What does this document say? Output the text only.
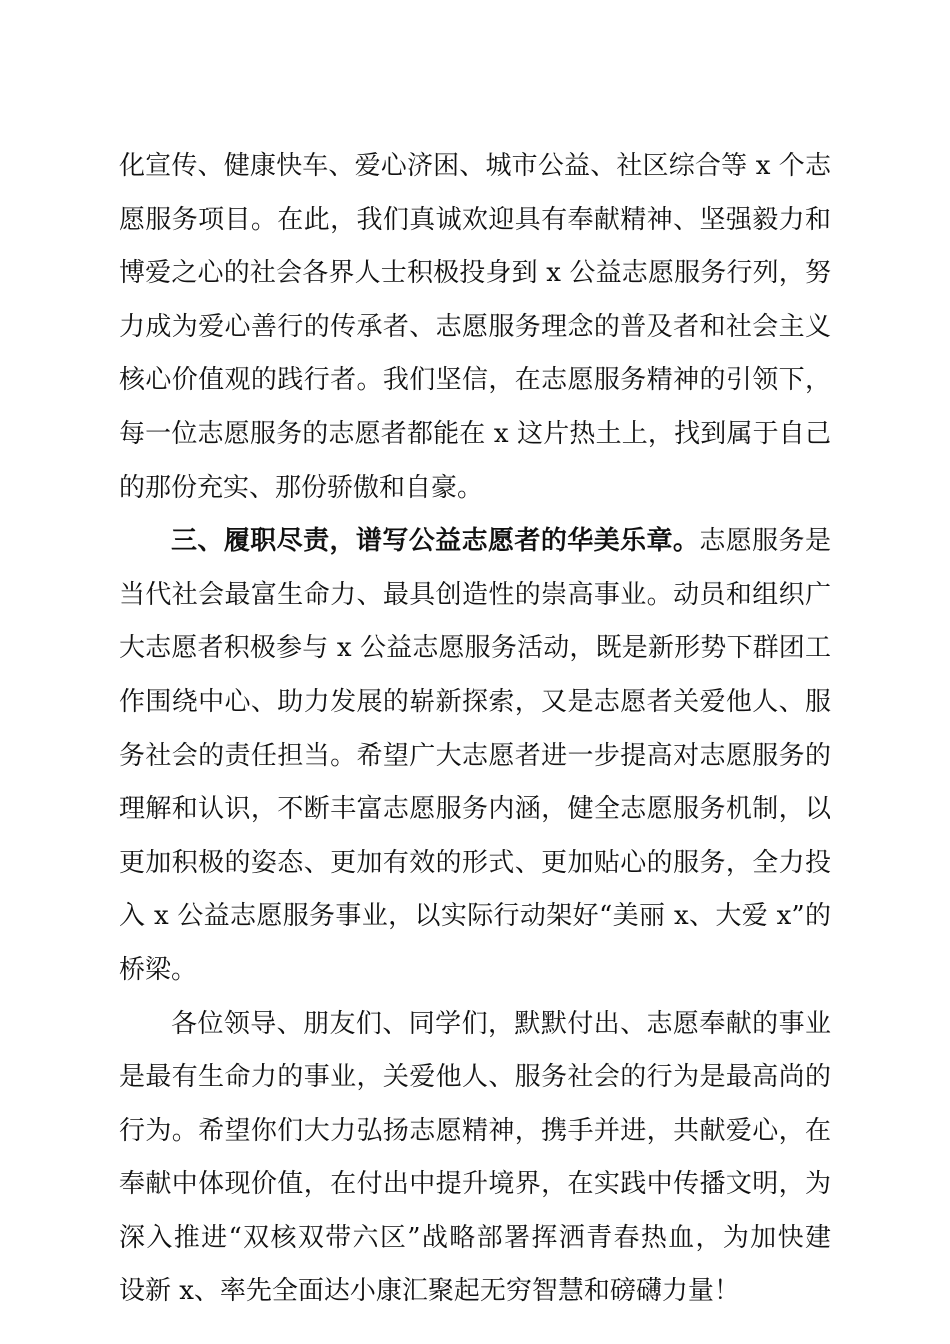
化宣传、健康快车、爱心济困、城市公益、社区综合等 x 个志
愿服务项目。在此，我们真诚欢迎具有奉献精神、坚强毅力和
博爱之心的社会各界人士积极投身到 x 公益志愿服务行列，努
力成为爱心善行的传承者、志愿服务理念的普及者和社会主义
核心价值观的践行者。我们坚信，在志愿服务精神的引领下，
每一位志愿服务的志愿者都能在 x 这片热土上，找到属于自己
的那份充实、那份骄傲和自豪。
三、履职尽责，谱写公益志愿者的华美乐章。志愿服务是
当代社会最富生命力、最具创造性的崇高事业。动员和组织广
大志愿者积极参与 x 公益志愿服务活动，既是新形势下群团工
作围绕中心、助力发展的崭新探索，又是志愿者关爱他人、服
务社会的责任担当。希望广大志愿者进一步提高对志愿服务的
理解和认识，不断丰富志愿服务内涵，健全志愿服务机制，以
更加积极的姿态、更加有效的形式、更加贴心的服务，全力投
入 x 公益志愿服务事业，以实际行动架好“美丽 x、大爱 x”的
桥梁。
各位领导、朋友们、同学们，默默付出、志愿奉献的事业
是最有生命力的事业，关爱他人、服务社会的行为是最高尚的
行为。希望你们大力弘扬志愿精神，携手并进，共献爱心，在
奉献中体现价值，在付出中提升境界，在实践中传播文明，为
深入推进“双核双带六区”战略部署挥洒青春热血，为加快建
设新 x、率先全面达小康汇聚起无穷智慧和磅礴力量！
